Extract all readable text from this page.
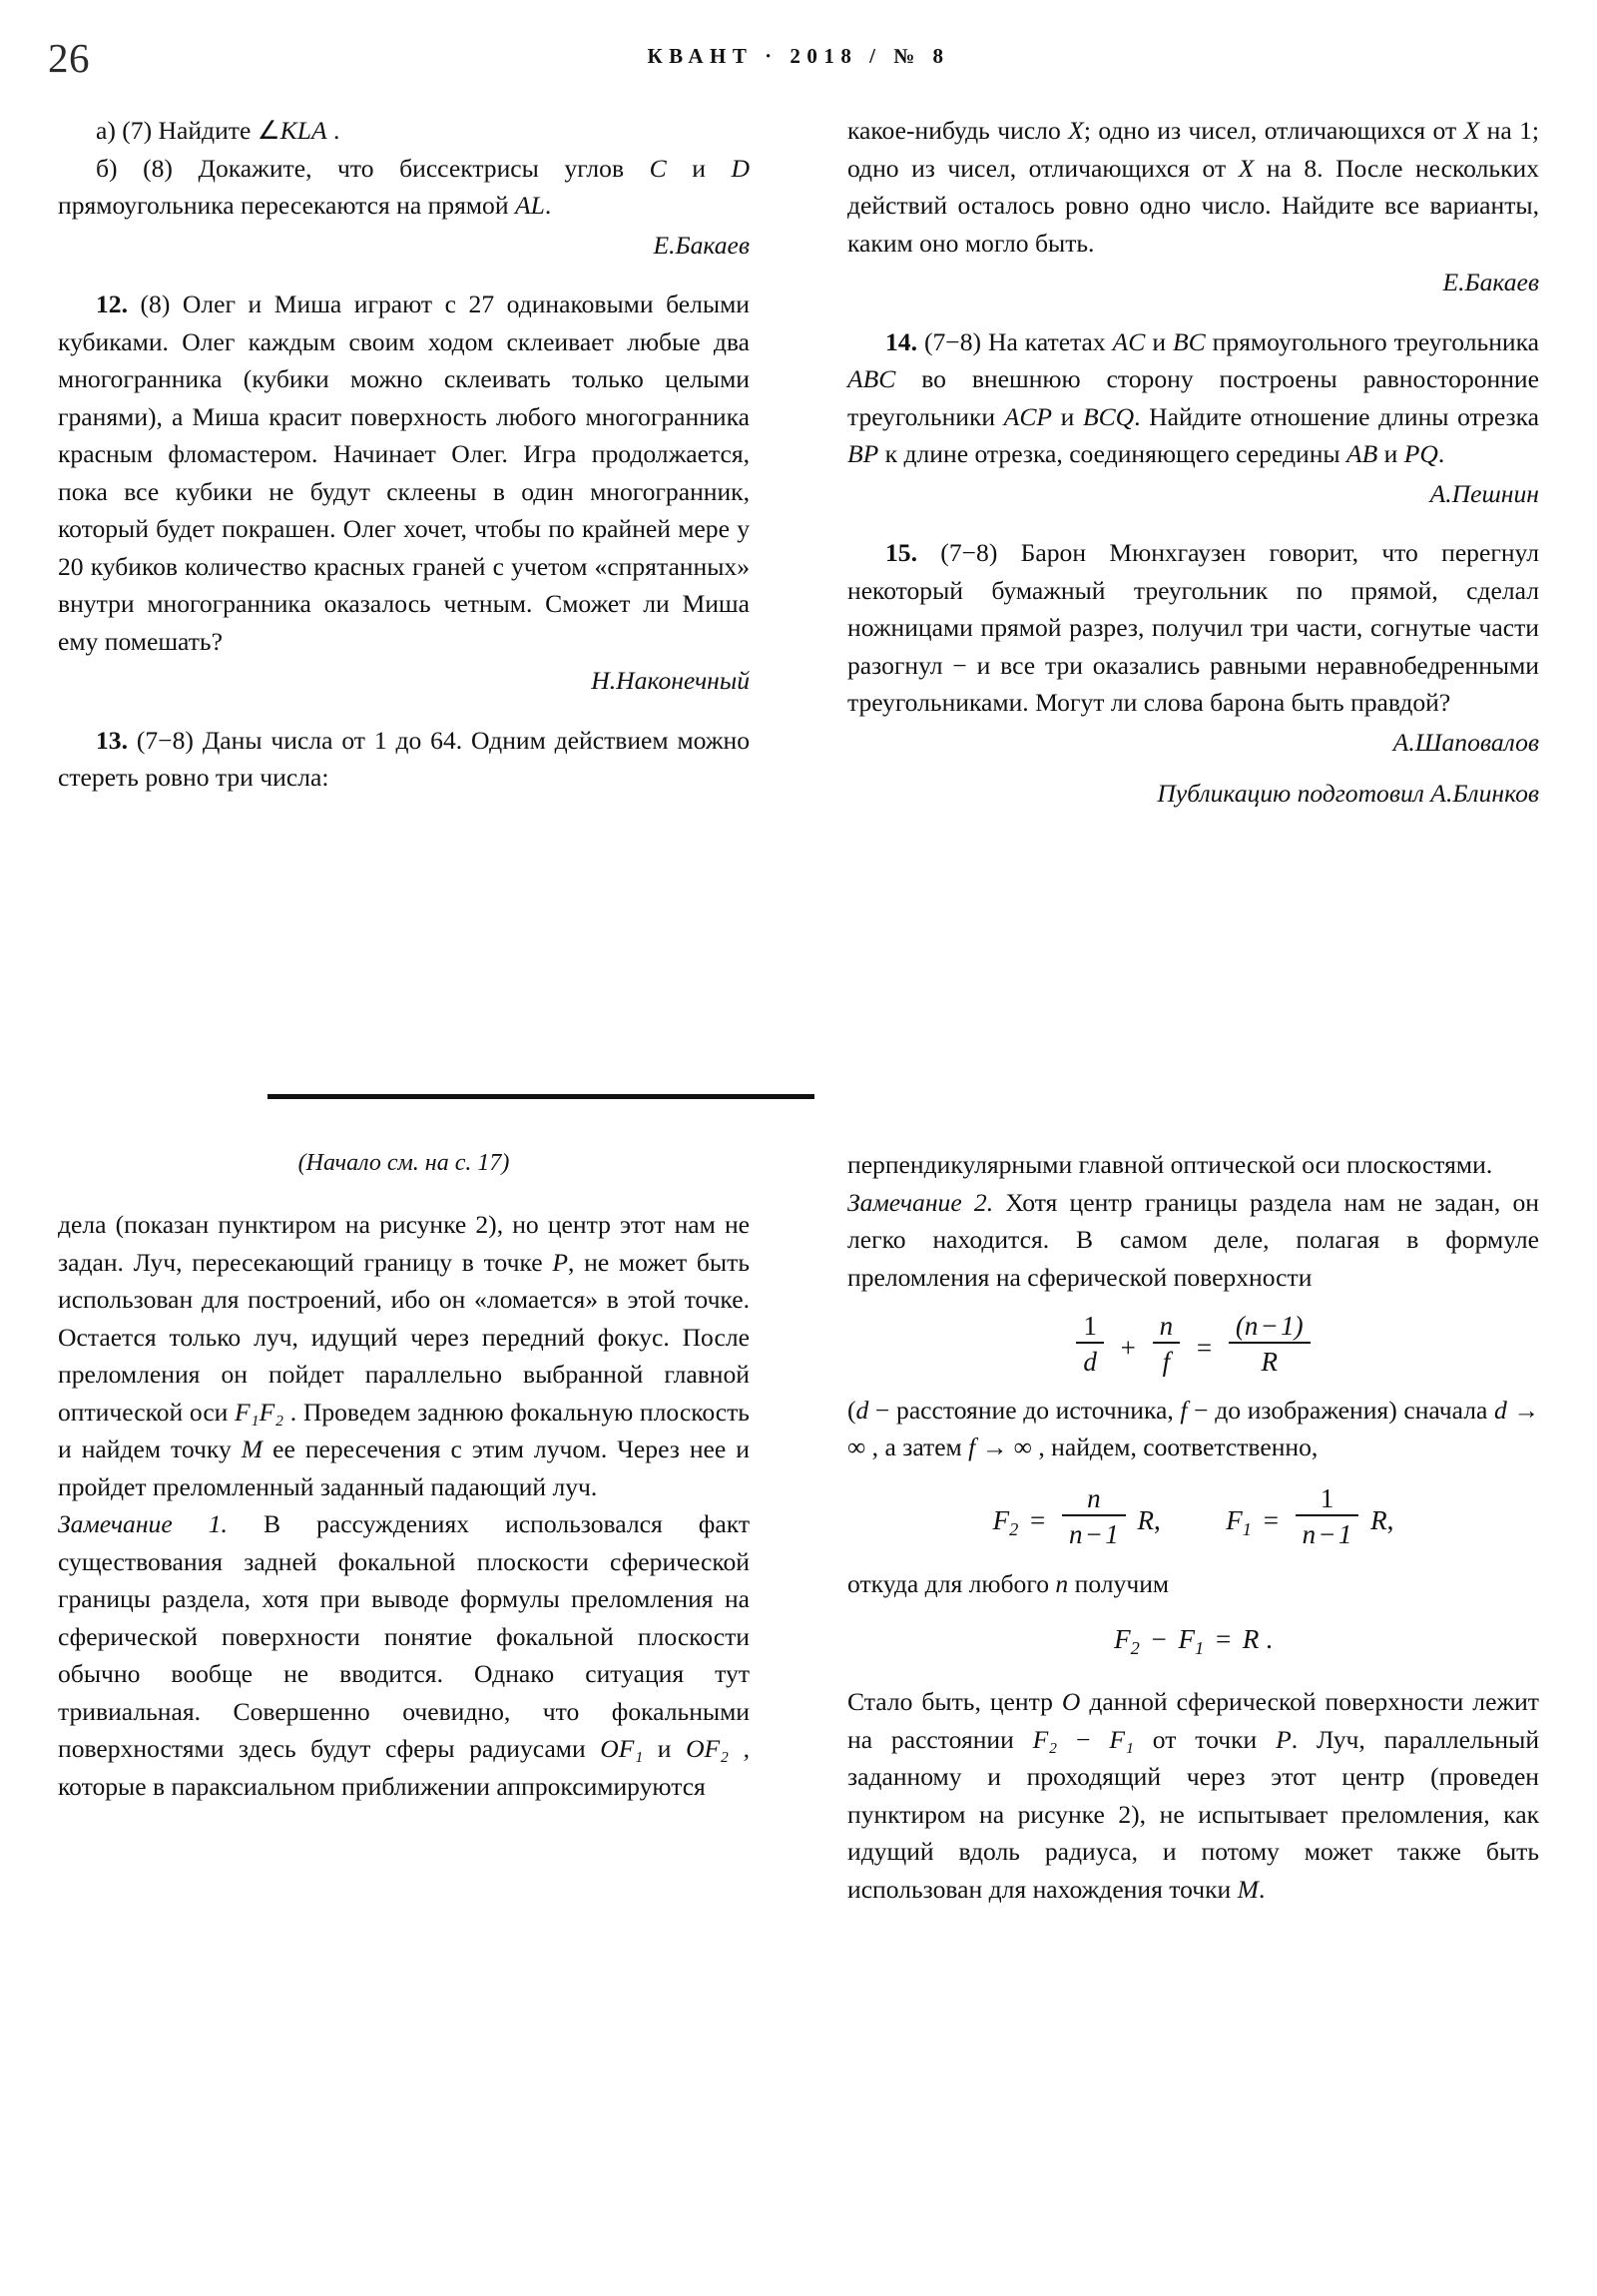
26	КВАНТ · 2018 / № 8

а) (7) Найдите ∠KLA .

б) (8) Докажите, что биссектрисы углов C и D прямоугольника пересекаются на прямой AL.

Е.Бакаев

12. (8) Олег и Миша играют с 27 одинаковыми белыми кубиками. Олег каждым своим ходом склеивает любые два многогранника (кубики можно склеивать только целыми гранями), а Миша красит поверхность любого многогранника красным фломастером. Начинает Олег. Игра продолжается, пока все кубики не будут склеены в один многогранник, который будет покрашен. Олег хочет, чтобы по крайней мере у 20 кубиков количество красных граней с учетом «спрятанных» внутри многогранника оказалось четным. Сможет ли Миша ему помешать?

Н.Наконечный

13. (7−8) Даны числа от 1 до 64. Одним действием можно стереть ровно три числа:

какое-нибудь число X; одно из чисел, отличающихся от X на 1; одно из чисел, отличающихся от X на 8. После нескольких действий осталось ровно одно число. Найдите все варианты, каким оно могло быть.

Е.Бакаев

14. (7−8) На катетах AC и BC прямоугольного треугольника ABC во внешнюю сторону построены равносторонние треугольники ACP и BCQ. Найдите отношение длины отрезка BP к длине отрезка, соединяющего середины AB и PQ.

А.Пешнин

15. (7−8) Барон Мюнхгаузен говорит, что перегнул некоторый бумажный треугольник по прямой, сделал ножницами прямой разрез, получил три части, согнутые части разогнул − и все три оказались равными неравнобедренными треугольниками. Могут ли слова барона быть правдой?

А.Шаповалов

Публикацию подготовил А.Блинков

(Начало см. на с. 17)

дела (показан пунктиром на рисунке 2), но центр этот нам не задан. Луч, пересекающий границу в точке P, не может быть использован для построений, ибо он «ломается» в этой точке. Остается только луч, идущий через передний фокус. После преломления он пойдет параллельно выбранной главной оптической оси F₁F₂ . Проведем заднюю фокальную плоскость и найдем точку M ее пересечения с этим лучом. Через нее и пройдет преломленный заданный падающий луч.

Замечание 1. В рассуждениях использовался факт существования задней фокальной плоскости сферической границы раздела, хотя при выводе формулы преломления на сферической поверхности понятие фокальной плоскости обычно вообще не вводится. Однако ситуация тут тривиальная. Совершенно очевидно, что фокальными поверхностями здесь будут сферы радиусами OF₁ и OF₂ , которые в параксиальном приближении аппроксимируются

перпендикулярными главной оптической оси плоскостями.

Замечание 2. Хотя центр границы раздела нам не задан, он легко находится. В самом деле, полагая в формуле преломления на сферической поверхности

$\frac{1}{d} + \frac{n}{f} = \frac{(n - 1)}{R}$

(d − расстояние до источника, f − до изображения) сначала d → ∞ , а затем f → ∞ , найдем, соответственно,

$F_2 = \frac{n}{n - 1} R$, $F_1 = \frac{1}{n - 1} R$,

откуда для любого n получим

$F_2 - F_1 = R$ .

Стало быть, центр O данной сферической поверхности лежит на расстоянии F₂ − F₁ от точки P. Луч, параллельный заданному и проходящий через этот центр (проведен пунктиром на рисунке 2), не испытывает преломления, как идущий вдоль радиуса, и потому может также быть использован для нахождения точки M.
